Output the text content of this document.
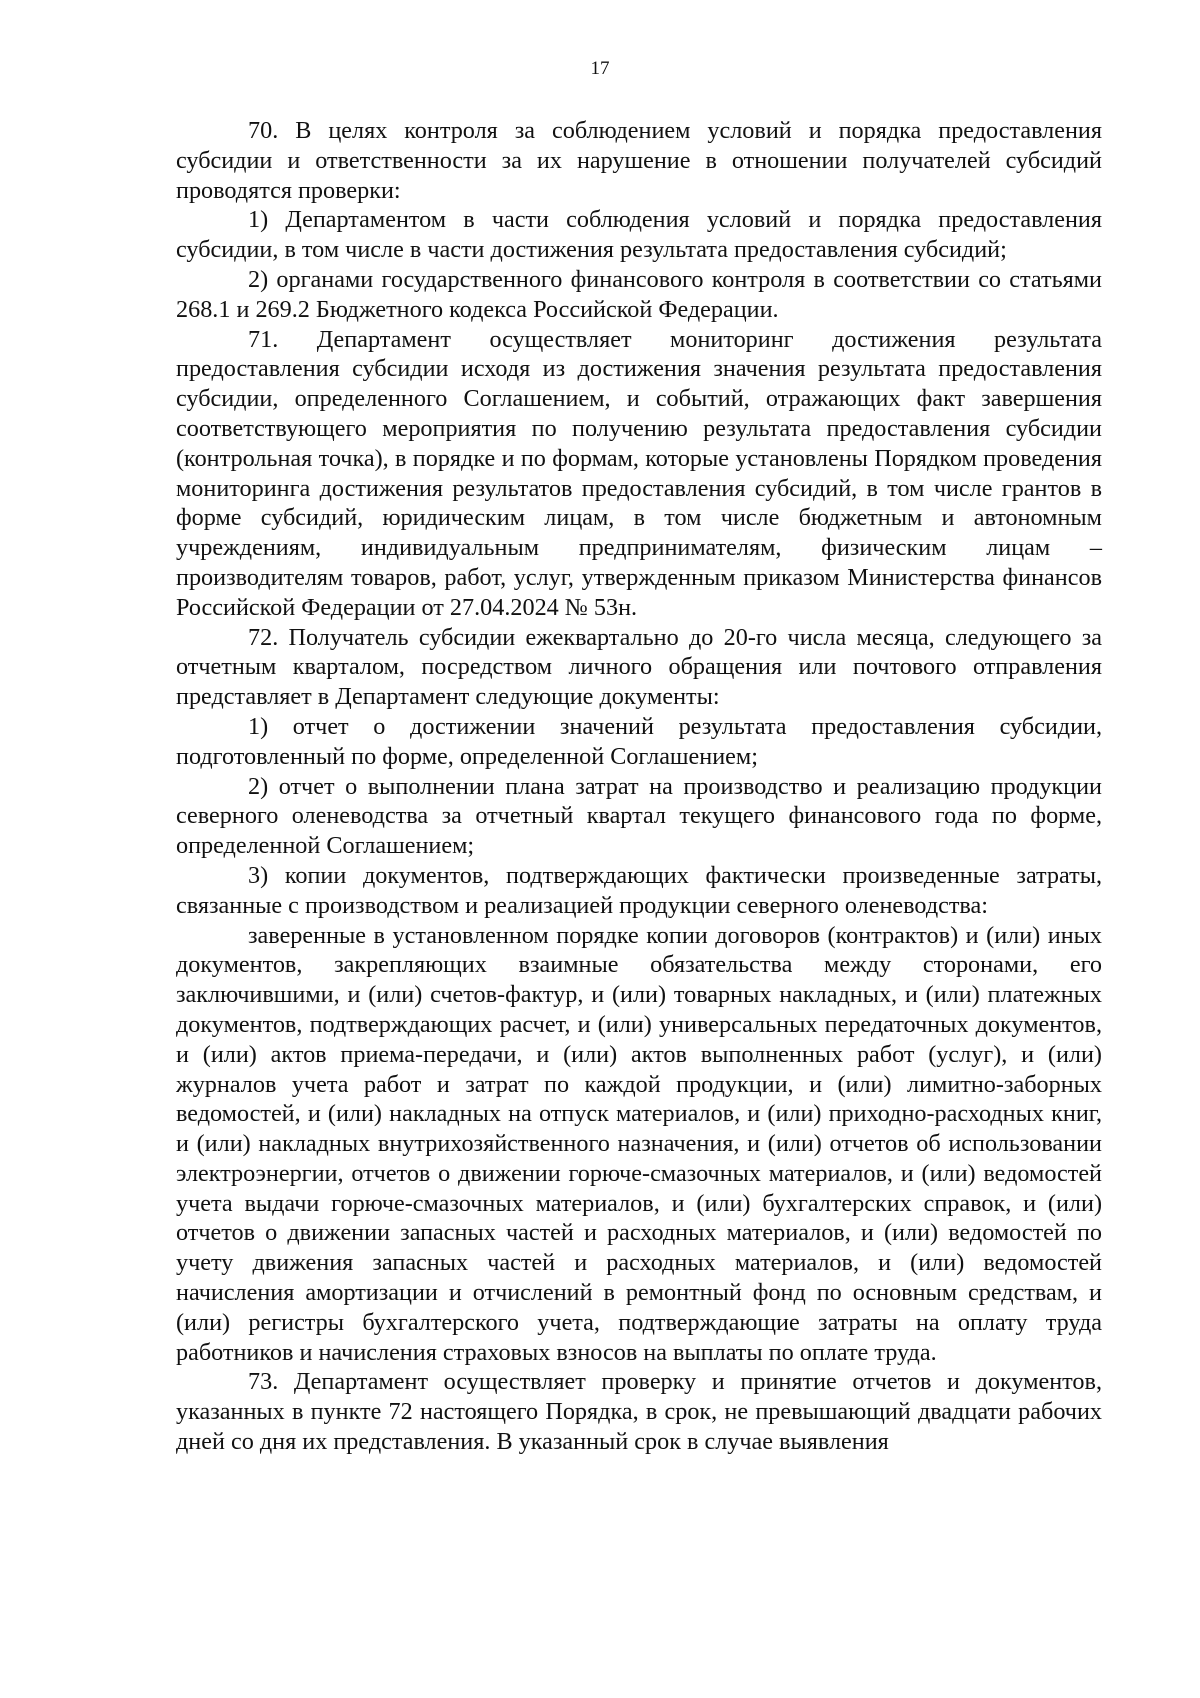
17

70. В целях контроля за соблюдением условий и порядка предоставления субсидии и ответственности за их нарушение в отношении получателей субсидий проводятся проверки:

1) Департаментом в части соблюдения условий и порядка предоставления субсидии, в том числе в части достижения результата предоставления субсидий;

2) органами государственного финансового контроля в соответствии со статьями 268.1 и 269.2 Бюджетного кодекса Российской Федерации.

71. Департамент осуществляет мониторинг достижения результата предоставления субсидии исходя из достижения значения результата предоставления субсидии, определенного Соглашением, и событий, отражающих факт завершения соответствующего мероприятия по получению результата предоставления субсидии (контрольная точка), в порядке и по формам, которые установлены Порядком проведения мониторинга достижения результатов предоставления субсидий, в том числе грантов в форме субсидий, юридическим лицам, в том числе бюджетным и автономным учреждениям, индивидуальным предпринимателям, физическим лицам – производителям товаров, работ, услуг, утвержденным приказом Министерства финансов Российской Федерации от 27.04.2024 № 53н.

72. Получатель субсидии ежеквартально до 20-го числа месяца, следующего за отчетным кварталом, посредством личного обращения или почтового отправления представляет в Департамент следующие документы:

1) отчет о достижении значений результата предоставления субсидии, подготовленный по форме, определенной Соглашением;

2) отчет о выполнении плана затрат на производство и реализацию продукции северного оленеводства за отчетный квартал текущего финансового года по форме, определенной Соглашением;

3) копии документов, подтверждающих фактически произведенные затраты, связанные с производством и реализацией продукции северного оленеводства:

заверенные в установленном порядке копии договоров (контрактов) и (или) иных документов, закрепляющих взаимные обязательства между сторонами, его заключившими, и (или) счетов-фактур, и (или) товарных накладных, и (или) платежных документов, подтверждающих расчет, и (или) универсальных передаточных документов, и (или) актов приема-передачи, и (или) актов выполненных работ (услуг), и (или) журналов учета работ и затрат по каждой продукции, и (или) лимитно-заборных ведомостей, и (или) накладных на отпуск материалов, и (или) приходно-расходных книг, и (или) накладных внутрихозяйственного назначения, и (или) отчетов об использовании электроэнергии, отчетов о движении горюче-смазочных материалов, и (или) ведомостей учета выдачи горюче-смазочных материалов, и (или) бухгалтерских справок, и (или) отчетов о движении запасных частей и расходных материалов, и (или) ведомостей по учету движения запасных частей и расходных материалов, и (или) ведомостей начисления амортизации и отчислений в ремонтный фонд по основным средствам, и (или) регистры бухгалтерского учета, подтверждающие затраты на оплату труда работников и начисления страховых взносов на выплаты по оплате труда.

73. Департамент осуществляет проверку и принятие отчетов и документов, указанных в пункте 72 настоящего Порядка, в срок, не превышающий двадцати рабочих дней со дня их представления. В указанный срок в случае выявления
